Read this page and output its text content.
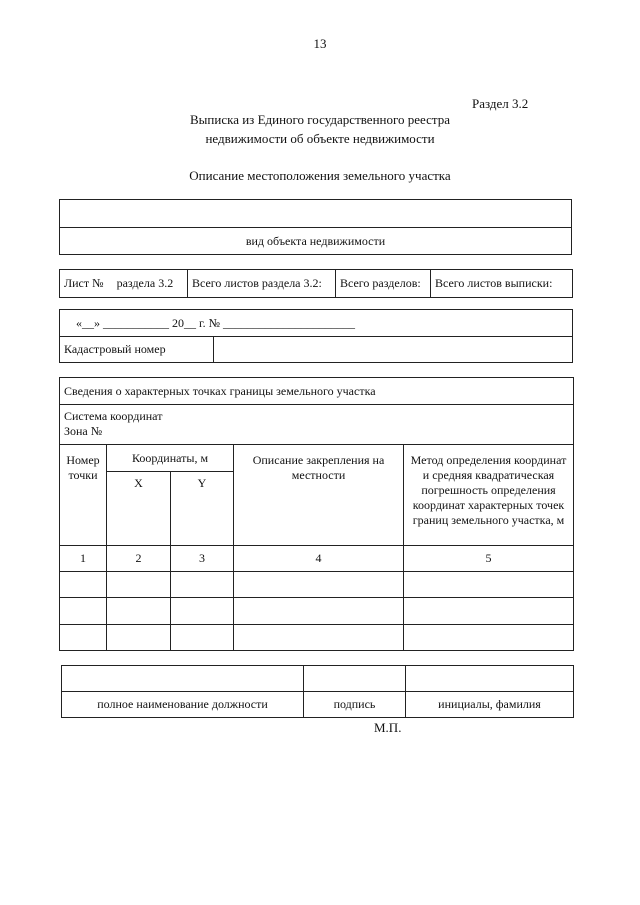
13
Раздел 3.2
Выписка из Единого государственного реестра
недвижимости об объекте недвижимости
Описание местоположения земельного участка

вид объекта недвижимости
Лист № раздела 3.2	Всего листов раздела 3.2:	Всего разделов:	Всего листов выписки:
«__» ___________ 20__ г. № ______________________
Кадастровый номер	
Сведения о характерных точках границы земельного участка				

Система координат
Зона №				

Номер точки	Координаты, м		Описание закрепления на местности	Метод определения координат и средняя квадратическая погрешность определения координат характерных точек границ земельного участка, м
	X	Y		
1	2	3	4	5

полное наименование должности	подпись	инициалы, фамилия
М.П.
